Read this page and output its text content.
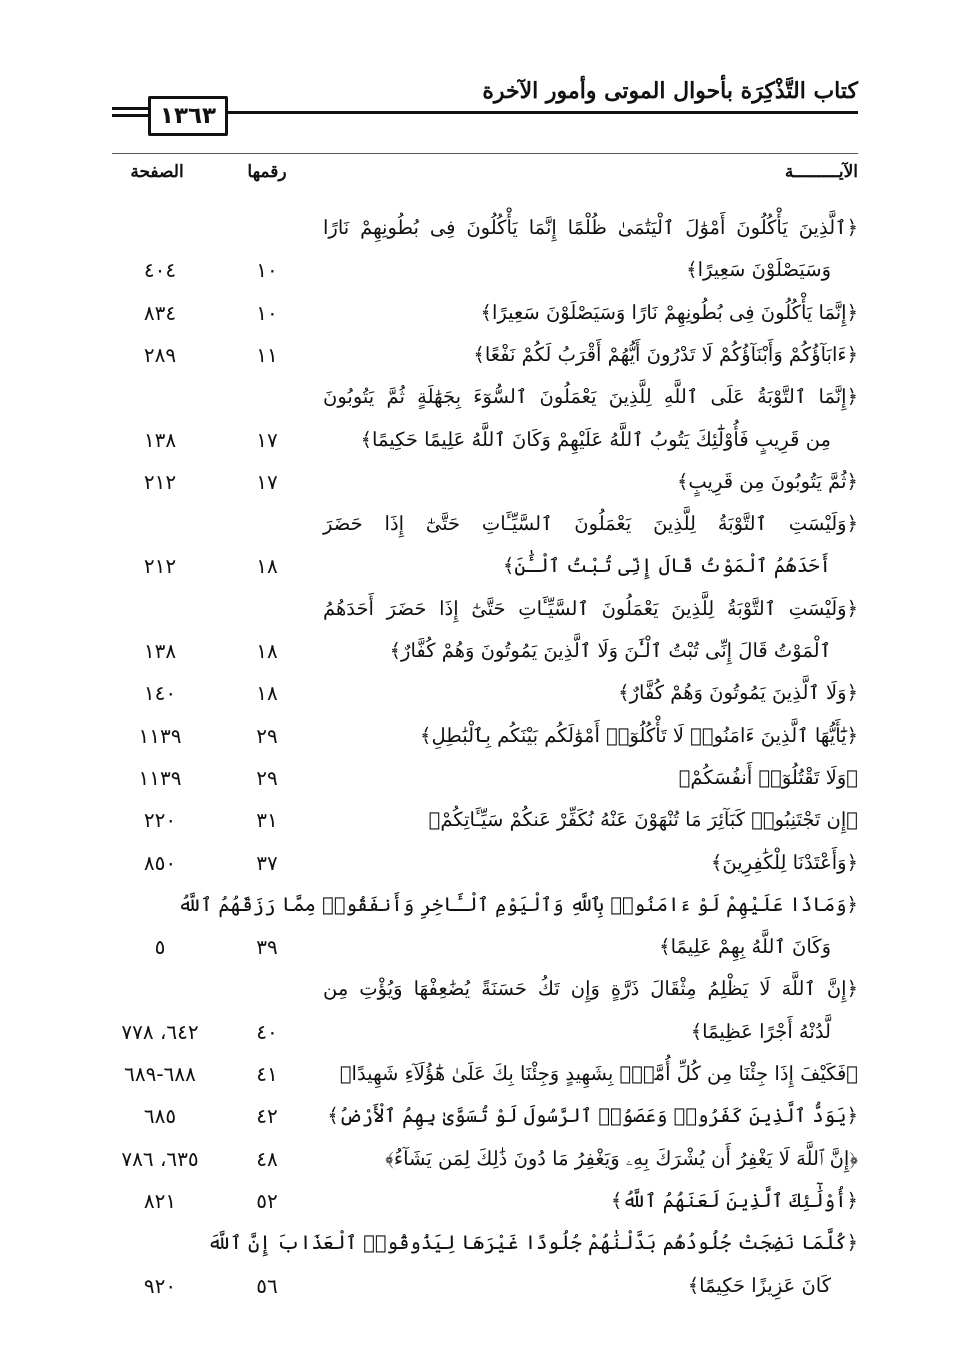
كتاب التَّذْكِرَة بأحوال الموتى وأمور الآخرة
١٣٦٣
الآيـــــــــة
رقمها
الصفحة
﴿ٱلَّذِينَ يَأْكُلُونَ أَمْوَٰلَ ٱلْيَتَٰمَىٰ ظُلْمًا إِنَّمَا يَأْكُلُونَ فِى بُطُونِهِمْ نَارًا
وَسَيَصْلَوْنَ سَعِيرًا﴾
١٠
٤٠٤
﴿إِنَّمَا يَأْكُلُونَ فِى بُطُونِهِمْ نَارًا وَسَيَصْلَوْنَ سَعِيرًا﴾
١٠
٨٣٤
﴿ءَابَآؤُكُمْ وَأَبْنَآؤُكُمْ لَا تَدْرُونَ أَيُّهُمْ أَقْرَبُ لَكُمْ نَفْعًا﴾
١١
٢٨٩
﴿إِنَّمَا ٱلتَّوْبَةُ عَلَى ٱللَّهِ لِلَّذِينَ يَعْمَلُونَ ٱلسُّوٓءَ بِجَهَٰلَةٍ ثُمَّ يَتُوبُونَ
مِن قَرِيبٍ فَأُوْلَٰٓئِكَ يَتُوبُ ٱللَّهُ عَلَيْهِمْ وَكَانَ ٱللَّهُ عَلِيمًا حَكِيمًا﴾
١٧
١٣٨
﴿ثُمَّ يَتُوبُونَ مِن قَرِيبٍ﴾
١٧
٢١٢
﴿وَلَيْسَتِ ٱلتَّوْبَةُ لِلَّذِينَ يَعْمَلُونَ ٱلسَّيِّـَٔاتِ حَتَّىٰٓ إِذَا حَضَرَ
أَحَدَهُمُ ٱلْمَوْتُ قَالَ إِنِّى تُبْتُ ٱلْـَٰٔنَ﴾
١٨
٢١٢
﴿وَلَيْسَتِ ٱلتَّوْبَةُ لِلَّذِينَ يَعْمَلُونَ ٱلسَّيِّـَٔاتِ حَتَّىٰٓ إِذَا حَضَرَ أَحَدَهُمُ
ٱلْمَوْتُ قَالَ إِنِّى تُبْتُ ٱلْـَٰٔنَ وَلَا ٱلَّذِينَ يَمُوتُونَ وَهُمْ كُفَّارٌ﴾
١٨
١٣٨
﴿وَلَا ٱلَّذِينَ يَمُوتُونَ وَهُمْ كُفَّارٌ﴾
١٨
١٤٠
﴿يَٰٓأَيُّهَا ٱلَّذِينَ ءَامَنُوا۟ لَا تَأْكُلُوٓا۟ أَمْوَٰلَكُم بَيْنَكُم بِٱلْبَٰطِلِ﴾
٢٩
١١٣٩
﴿وَلَا تَقْتُلُوٓا۟ أَنفُسَكُمْ﴾
٢٩
١١٣٩
﴿إِن تَجْتَنِبُوا۟ كَبَآئِرَ مَا تُنْهَوْنَ عَنْهُ نُكَفِّرْ عَنكُمْ سَيِّـَٔاتِكُمْ﴾
٣١
٢٢٠
﴿وَأَعْتَدْنَا لِلْكَٰفِرِينَ﴾
٣٧
٨٥٠
﴿وَمَاذَا عَلَيْهِمْ لَوْ ءَامَنُوا۟ بِٱللَّهِ وَٱلْيَوْمِ ٱلْـَٔاخِرِ وَأَنفَقُوا۟ مِمَّا رَزَقَهُمُ ٱللَّهُ
وَكَانَ ٱللَّهُ بِهِمْ عَلِيمًا﴾
٣٩
٥
﴿إِنَّ ٱللَّهَ لَا يَظْلِمُ مِثْقَالَ ذَرَّةٍ وَإِن تَكُ حَسَنَةً يُضَٰعِفْهَا وَيُؤْتِ مِن
لَّدُنْهُ أَجْرًا عَظِيمًا﴾
٤٠
٦٤٢، ٧٧٨
﴿فَكَيْفَ إِذَا جِئْنَا مِن كُلِّ أُمَّةٍۭ بِشَهِيدٍ وَجِئْنَا بِكَ عَلَىٰ هَٰٓؤُلَآءِ شَهِيدًا﴾
٤١
٦٨٨-٦٨٩
﴿يَوَدُّ ٱلَّذِينَ كَفَرُوا۟ وَعَصَوُا۟ ٱلرَّسُولَ لَوْ تُسَوَّىٰ بِهِمُ ٱلْأَرْضُ﴾
٤٢
٦٨٥
﴿إِنَّ ٱللَّهَ لَا يَغْفِرُ أَن يُشْرَكَ بِهِۦ وَيَغْفِرُ مَا دُونَ ذَٰلِكَ لِمَن يَشَآءُ﴾
٤٨
٦٣٥، ٧٨٦
﴿أُوْلَٰٓئِكَ ٱلَّذِينَ لَعَنَهُمُ ٱللَّهُ﴾
٥٢
٨٢١
﴿كُلَّمَا نَضِجَتْ جُلُودُهُم بَدَّلْنَٰهُمْ جُلُودًا غَيْرَهَا لِيَذُوقُوا۟ ٱلْعَذَابَ إِنَّ ٱللَّهَ
كَانَ عَزِيزًا حَكِيمًا﴾
٥٦
٩٢٠
